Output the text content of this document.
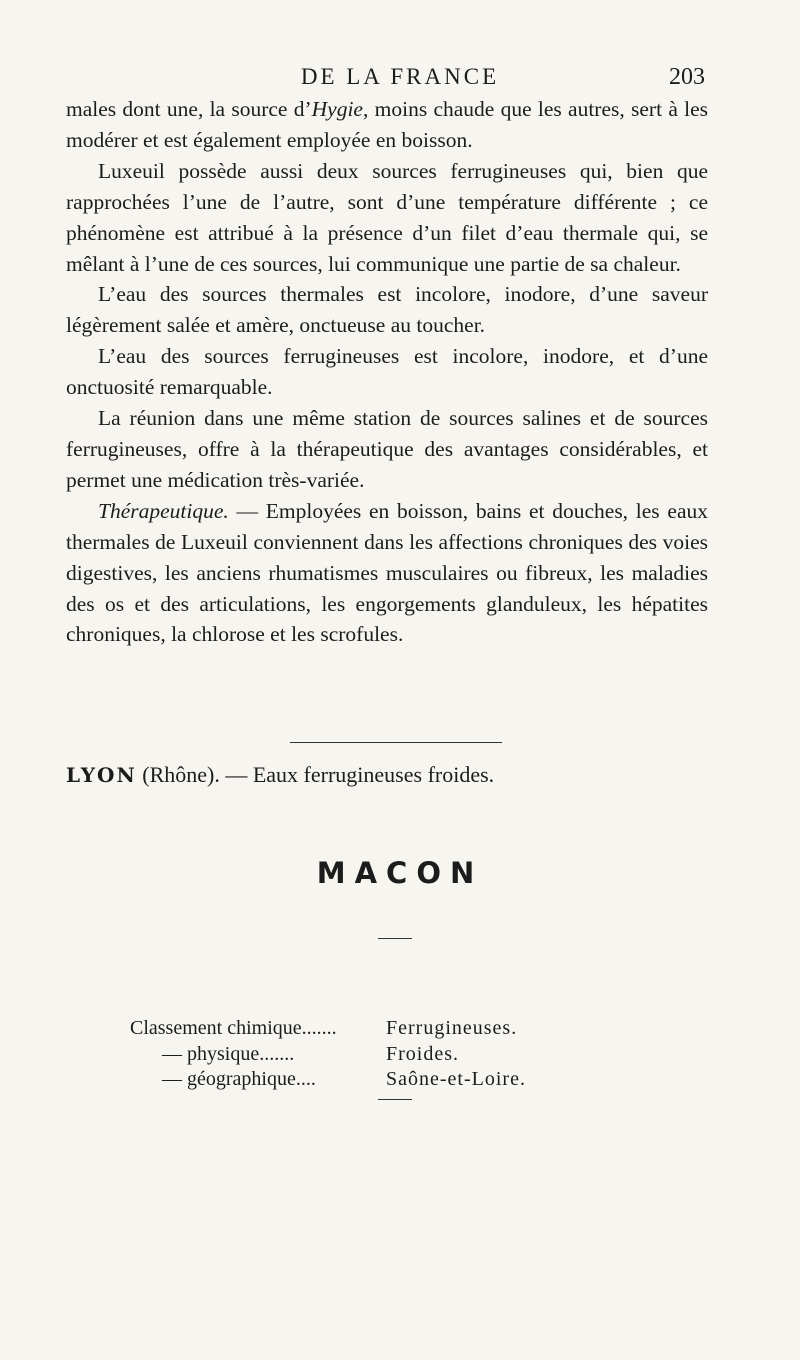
DE LA FRANCE	203

males dont une, la source d’Hygie, moins chaude que les autres, sert à les modérer et est également employée en boisson.

Luxeuil possède aussi deux sources ferrugineuses qui, bien que rapprochées l’une de l’autre, sont d’une température différente ; ce phénomène est attribué à la présence d’un filet d’eau thermale qui, se mêlant à l’une de ces sources, lui communique une partie de sa chaleur.

L’eau des sources thermales est incolore, inodore, d’une saveur légèrement salée et amère, onctueuse au toucher.

L’eau des sources ferrugineuses est incolore, inodore, et d’une onctuosité remarquable.

La réunion dans une même station de sources salines et de sources ferrugineuses, offre à la thérapeutique des avantages considérables, et permet une médication très-variée.

Thérapeutique. — Employées en boisson, bains et douches, les eaux thermales de Luxeuil conviennent dans les affections chroniques des voies digestives, les anciens rhumatismes musculaires ou fibreux, les maladies des os et des articulations, les engorgements glanduleux, les hépatites chroniques, la chlorose et les scrofules.

LYON (Rhône). — Eaux ferrugineuses froides.
MACON
Classement chimique.......	Ferrugineuses.
— physique.......	Froides.
— géographique....	Saône-et-Loire.
